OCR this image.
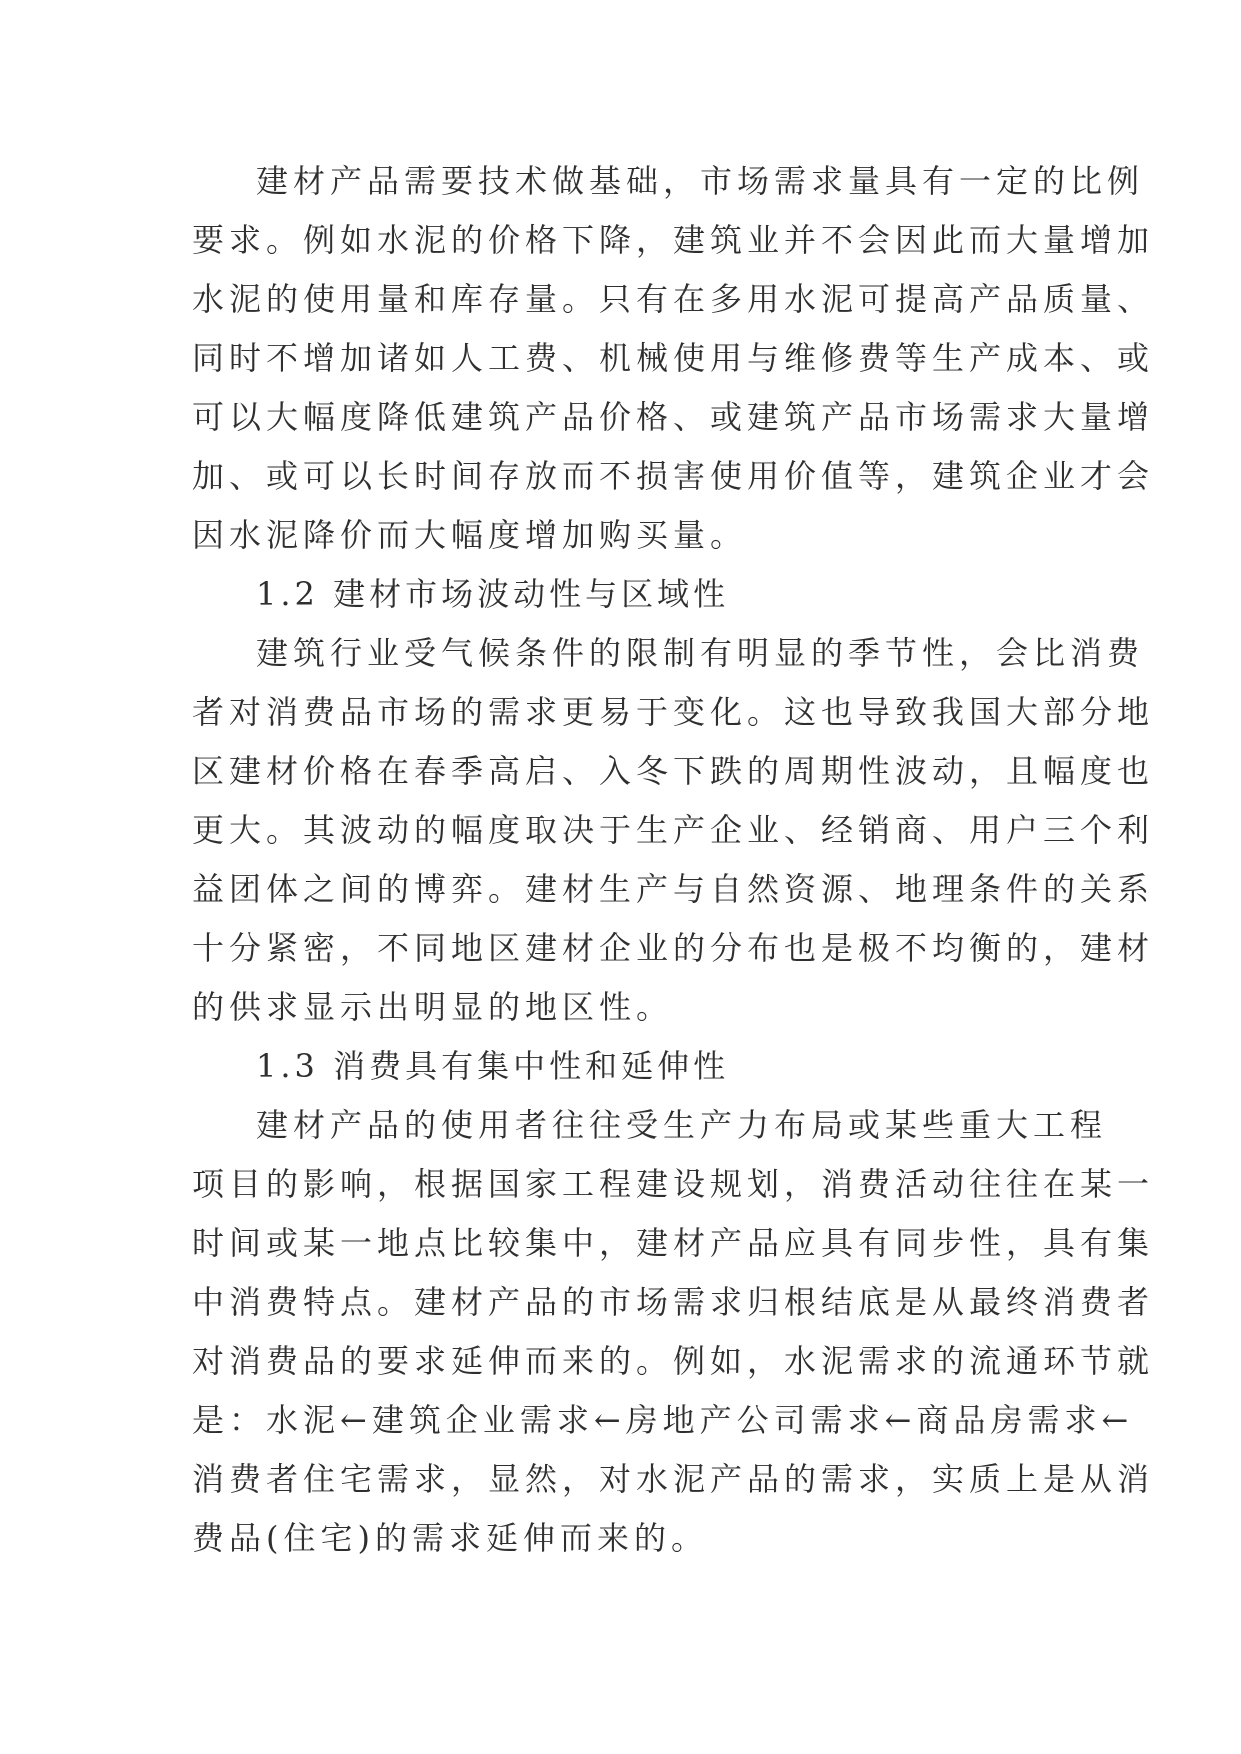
建材产品需要技术做基础，市场需求量具有一定的比例
要求。例如水泥的价格下降，建筑业并不会因此而大量增加
水泥的使用量和库存量。只有在多用水泥可提高产品质量、
同时不增加诸如人工费、机械使用与维修费等生产成本、或
可以大幅度降低建筑产品价格、或建筑产品市场需求大量增
加、或可以长时间存放而不损害使用价值等，建筑企业才会
因水泥降价而大幅度增加购买量。
1.2 建材市场波动性与区域性
建筑行业受气候条件的限制有明显的季节性，会比消费
者对消费品市场的需求更易于变化。这也导致我国大部分地
区建材价格在春季高启、入冬下跌的周期性波动，且幅度也
更大。其波动的幅度取决于生产企业、经销商、用户三个利
益团体之间的博弈。建材生产与自然资源、地理条件的关系
十分紧密，不同地区建材企业的分布也是极不均衡的，建材
的供求显示出明显的地区性。
1.3 消费具有集中性和延伸性
建材产品的使用者往往受生产力布局或某些重大工程
项目的影响，根据国家工程建设规划，消费活动往往在某一
时间或某一地点比较集中，建材产品应具有同步性，具有集
中消费特点。建材产品的市场需求归根结底是从最终消费者
对消费品的要求延伸而来的。例如，水泥需求的流通环节就
是：水泥←建筑企业需求←房地产公司需求←商品房需求←
消费者住宅需求，显然，对水泥产品的需求，实质上是从消
费品(住宅)的需求延伸而来的。
